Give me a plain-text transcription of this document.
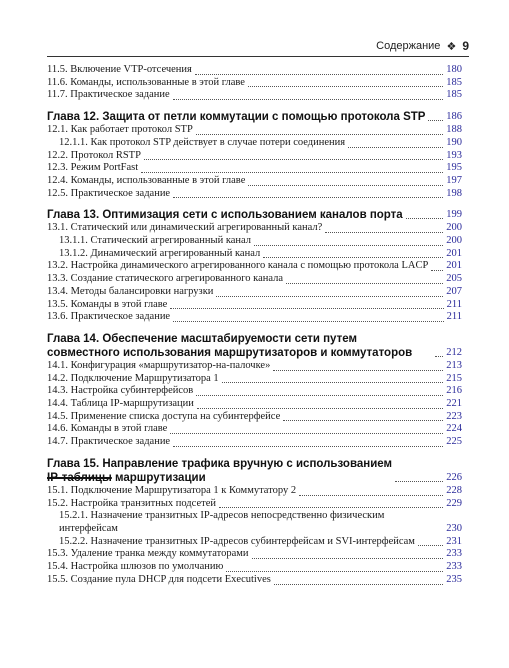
Содержание ❖ 9
11.5. Включение VTP-отсечения	180
11.6. Команды, использованные в этой главе	185
11.7. Практическое задание	185
Глава 12. Защита от петли коммутации с помощью протокола STP 186
12.1. Как работает протокол STP	188
12.1.1. Как протокол STP действует в случае потери соединения	190
12.2. Протокол RSTP	193
12.3. Режим PortFast	195
12.4. Команды, использованные в этой главе	197
12.5. Практическое задание	198
Глава 13. Оптимизация сети с использованием каналов порта	199
13.1. Статический или динамический агрегированный канал?	200
13.1.1. Статический агрегированный канал	200
13.1.2. Динамический агрегированный канал	201
13.2. Настройка динамического агрегированного канала с помощью протокола LACP 201
13.3. Создание статического агрегированного канала	205
13.4. Методы балансировки нагрузки	207
13.5. Команды в этой главе	211
13.6. Практическое задание	211
Глава 14. Обеспечение масштабируемости сети путем совместного использования маршрутизаторов и коммутаторов	212
14.1. Конфигурация «маршрутизатор-на-палочке»	213
14.2. Подключение Маршрутизатора 1	215
14.3. Настройка субинтерфейсов	216
14.4. Таблица IP-маршрутизации	221
14.5. Применение списка доступа на субинтерфейсе	223
14.6. Команды в этой главе	224
14.7. Практическое задание	225
Глава 15. Направление трафика вручную с использованием
IP-таблицы маршрутизации	226
15.1. Подключение Маршрутизатора 1 к Коммутатору 2	228
15.2. Настройка транзитных подсетей	229
15.2.1. Назначение транзитных IP-адресов непосредственно физическим интерфейсам	230
15.2.2. Назначение транзитных IP-адресов субинтерфейсам и SVI-интерфейсам	231
15.3. Удаление транка между коммутаторами	233
15.4. Настройка шлюзов по умолчанию	233
15.5. Создание пула DHCP для подсети Executives	235
